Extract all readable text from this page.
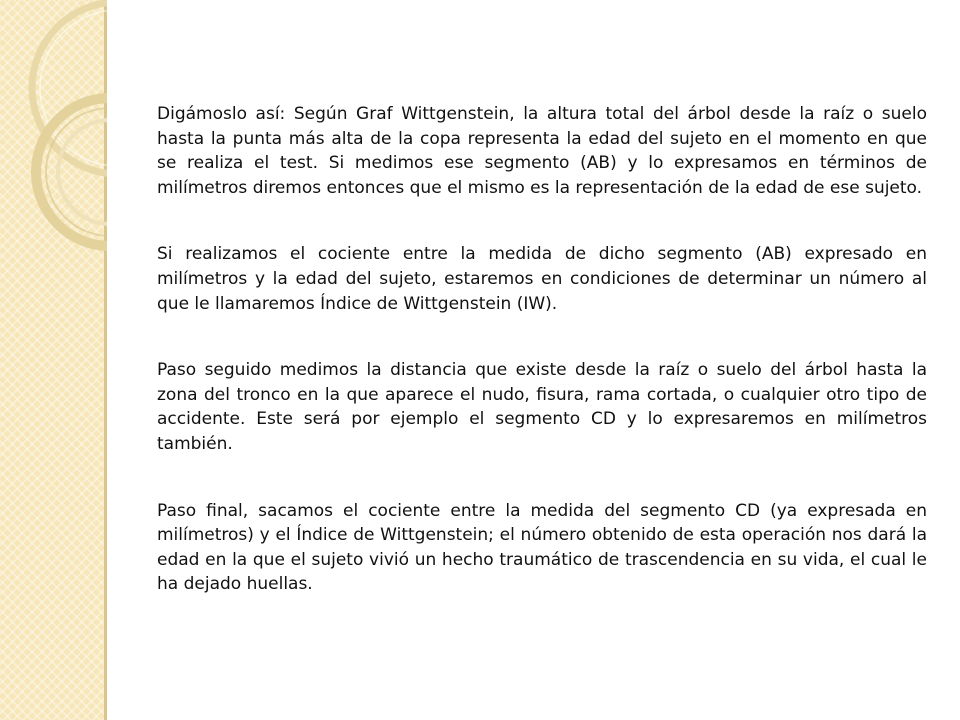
Digámoslo así: Según Graf Wittgenstein, la altura total del árbol desde la raíz o suelo hasta la punta más alta de la copa representa la edad del sujeto en el momento en que se realiza el test. Si medimos ese segmento (AB) y lo expresamos en términos de milímetros diremos entonces que el mismo es la representación de la edad de ese sujeto.

Si realizamos el cociente entre la medida de dicho segmento (AB) expresado en milímetros y la edad del sujeto, estaremos en condiciones de determinar un número al que le llamaremos Índice de Wittgenstein (IW).

Paso seguido medimos la distancia que existe desde la raíz o suelo del árbol hasta la zona del tronco en la que aparece el nudo, fisura, rama cortada, o cualquier otro tipo de accidente. Este será por ejemplo el segmento CD y lo expresaremos en milímetros también.

Paso final, sacamos el cociente entre la medida del segmento CD (ya expresada en milímetros) y el Índice de Wittgenstein; el número obtenido de esta operación nos dará la edad en la que el sujeto vivió un hecho traumático de trascendencia en su vida, el cual le ha dejado huellas.
